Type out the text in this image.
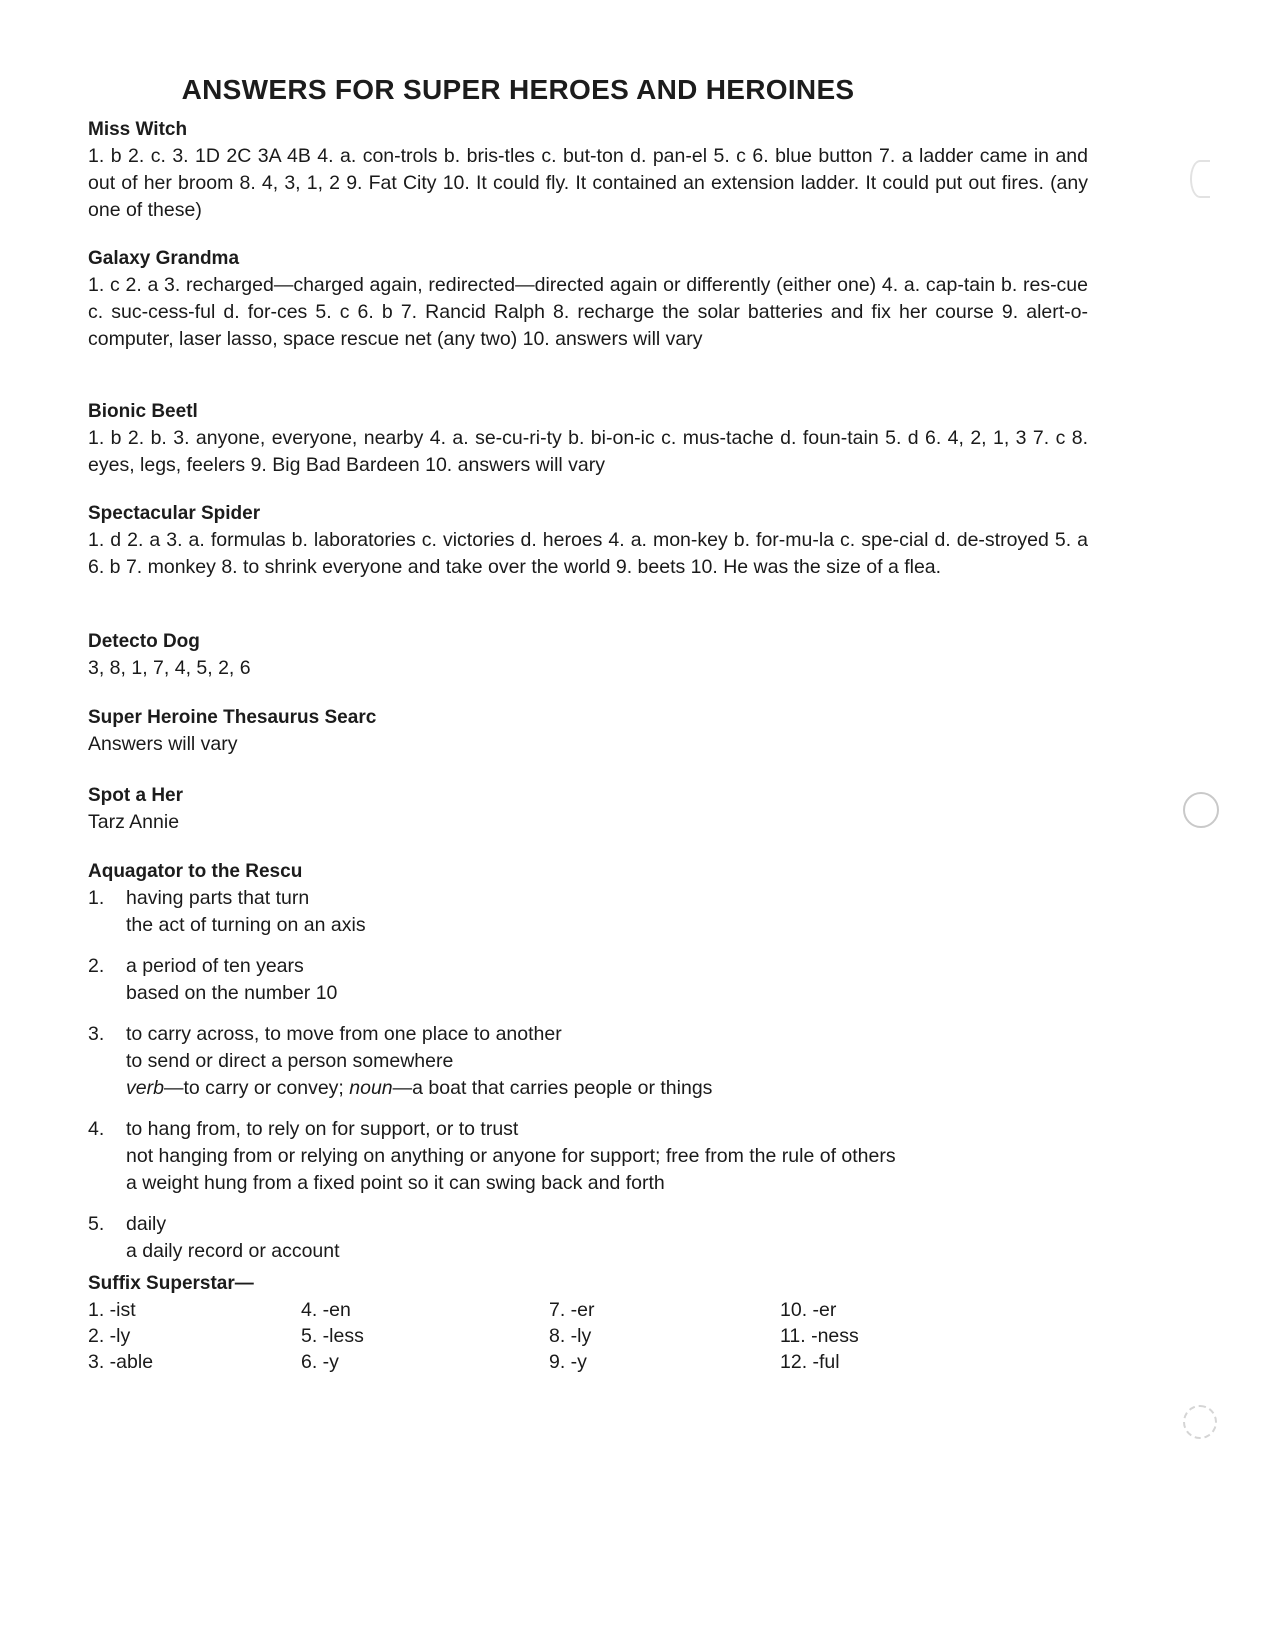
ANSWERS FOR SUPER HEROES AND HEROINES
Miss Witch
1. b 2. c. 3. 1D 2C 3A 4B 4. a. con-trols b. bris-tles c. but-ton d. pan-el 5. c 6. blue button 7. a ladder came in and out of her broom 8. 4, 3, 1, 2 9. Fat City 10. It could fly. It contained an extension ladder. It could put out fires. (any one of these)
Galaxy Grandma
1. c 2. a 3. recharged—charged again, redirected—directed again or differently (either one) 4. a. cap-tain b. res-cue c. suc-cess-ful d. for-ces 5. c 6. b 7. Rancid Ralph 8. recharge the solar batteries and fix her course 9. alert-o-computer, laser lasso, space rescue net (any two) 10. answers will vary
Bionic Beetl
1. b 2. b. 3. anyone, everyone, nearby 4. a. se-cu-ri-ty b. bi-on-ic c. mus-tache d. foun-tain 5. d 6. 4, 2, 1, 3 7. c 8. eyes, legs, feelers 9. Big Bad Bardeen 10. answers will vary
Spectacular Spider
1. d 2. a 3. a. formulas b. laboratories c. victories d. heroes 4. a. mon-key b. for-mu-la c. spe-cial d. de-stroyed 5. a 6. b 7. monkey 8. to shrink everyone and take over the world 9. beets 10. He was the size of a flea.
Detecto Dog
3, 8, 1, 7, 4, 5, 2, 6
Super Heroine Thesaurus Searc
Answers will vary
Spot a Her
Tarz Annie
Aquagator to the Rescu
1. having parts that turn
the act of turning on an axis
2. a period of ten years
based on the number 10
3. to carry across, to move from one place to another
to send or direct a person somewhere
verb—to carry or convey; noun—a boat that carries people or things
4. to hang from, to rely on for support, or to trust
not hanging from or relying on anything or anyone for support; free from the rule of others
a weight hung from a fixed point so it can swing back and forth
5. daily
a daily record or account
Suffix Superstar—
1. -ist
2. -ly
3. -able
4. -en
5. -less
6. -y
7. -er
8. -ly
9. -y
10. -er
11. -ness
12. -ful
